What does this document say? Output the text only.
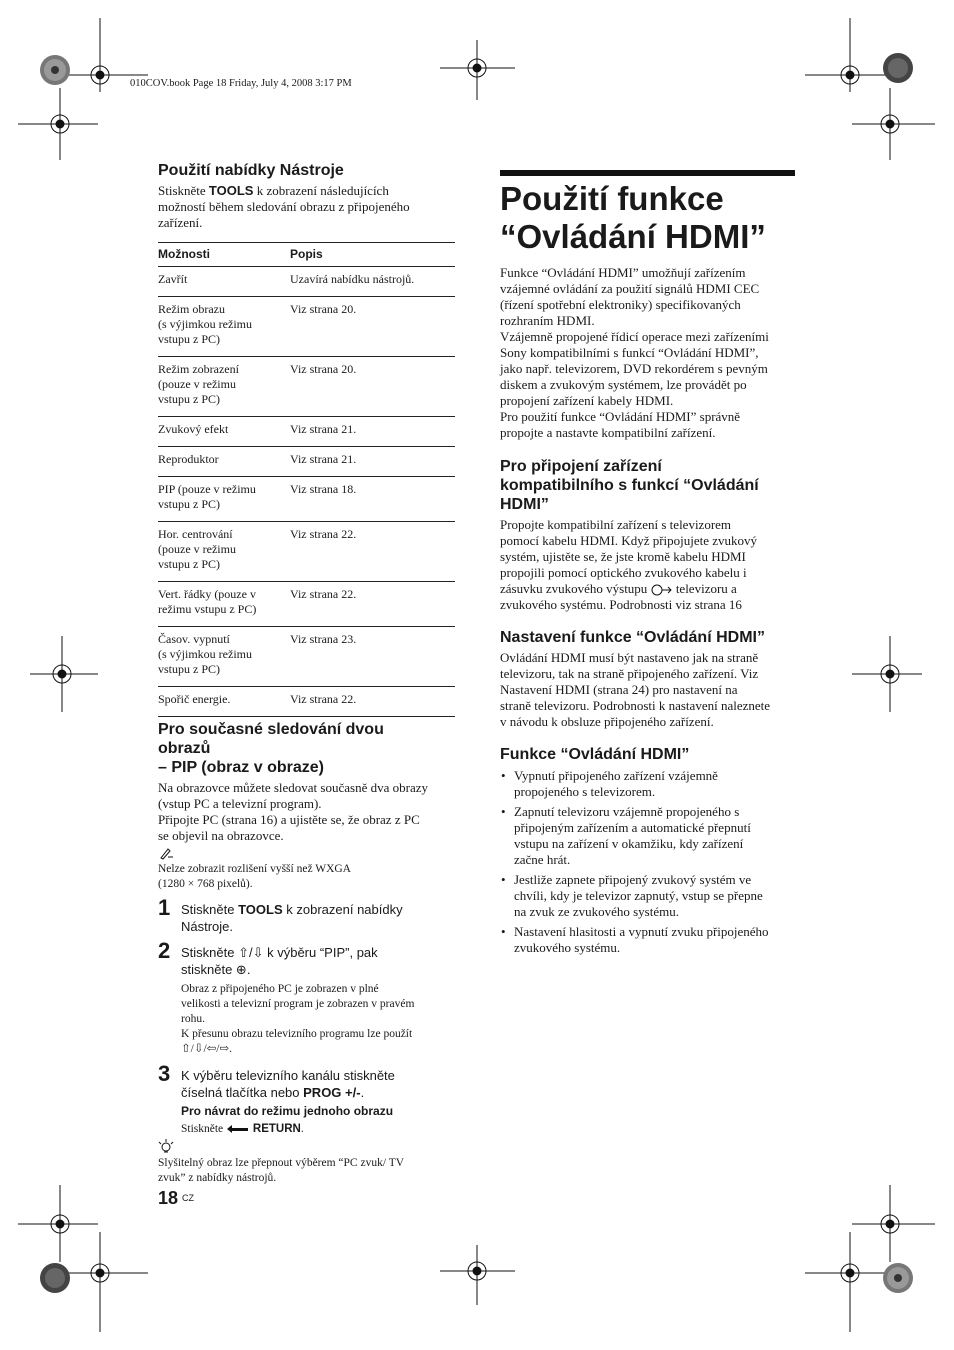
010COV.book Page 18 Friday, July 4, 2008 3:17 PM
Použití nabídky Nástroje
Stiskněte TOOLS k zobrazení následujících
možností během sledování obrazu z připojeného
zařízení.
Možnosti	Popis

Zavřít	Uzavírá nabídku nástrojů.

Režim obrazu
(s výjimkou režimu
vstupu z PC)	Viz strana 20.

Režim zobrazení
(pouze v režimu
vstupu z PC)	Viz strana 20.

Zvukový efekt	Viz strana 21.

Reproduktor	Viz strana 21.

PIP (pouze v režimu
vstupu z PC)	Viz strana 18.

Hor. centrování
(pouze v režimu
vstupu z PC)	Viz strana 22.

Vert. řádky (pouze v
režimu vstupu z PC)	Viz strana 22.

Časov. vypnutí
(s výjimkou režimu
vstupu z PC)	Viz strana 23.

Spořič energie.	Viz strana 22.
Pro současné sledování dvou
obrazů
– PIP (obraz v obraze)
Na obrazovce můžete sledovat současně dva obrazy
(vstup PC a televizní program).
Připojte PC (strana 16) a ujistěte se, že obraz z PC
se objevil na obrazovce.
Nelze zobrazit rozlišení vyšší než WXGA
(1280 × 768 pixelů).
1 Stiskněte TOOLS k zobrazení nabídky
Nástroje.
2 Stiskněte ⇧/⇩ k výběru “PIP”, pak
stiskněte ⊕.
Obraz z připojeného PC je zobrazen v plné
velikosti a televizní program je zobrazen v pravém
rohu.
K přesunu obrazu televizního programu lze použít
⇧/⇩/⇦/⇨.
3 K výběru televizního kanálu stiskněte
číselná tlačítka nebo PROG +/-.
Pro návrat do režimu jednoho obrazu
Stiskněte  RETURN.
Slyšitelný obraz lze přepnout výběrem “PC zvuk/ TV
zvuk” z nabídky nástrojů.
18 CZ
Použití funkce
“Ovládání HDMI”
Funkce “Ovládání HDMI” umožňují zařízením
vzájemné ovládání za použití signálů HDMI CEC
(řízení spotřební elektroniky) specifikovaných
rozhraním HDMI.
Vzájemně propojené řídicí operace mezi zařízeními
Sony kompatibilními s funkcí “Ovládání HDMI”,
jako např. televizorem, DVD rekordérem s pevným
diskem a zvukovým systémem, lze provádět po
propojení zařízení kabely HDMI.
Pro použití funkce “Ovládání HDMI” správně
propojte a nastavte kompatibilní zařízení.
Pro připojení zařízení
kompatibilního s funkcí “Ovládání
HDMI”
Propojte kompatibilní zařízení s televizorem
pomocí kabelu HDMI. Když připojujete zvukový
systém, ujistěte se, že jste kromě kabelu HDMI
propojili pomocí optického zvukového kabelu i
zásuvku zvukového výstupu  televizoru a
zvukového systému. Podrobnosti viz strana 16
Nastavení funkce “Ovládání HDMI”
Ovládání HDMI musí být nastaveno jak na straně
televizoru, tak na straně připojeného zařízení. Viz
Nastavení HDMI (strana 24) pro nastavení na
straně televizoru. Podrobnosti k nastavení naleznete
v návodu k obsluze připojeného zařízení.
Funkce “Ovládání HDMI”
• Vypnutí připojeného zařízení vzájemně
propojeného s televizorem.
• Zapnutí televizoru vzájemně propojeného s
připojeným zařízením a automatické přepnutí
vstupu na zařízení v okamžiku, kdy zařízení
začne hrát.
• Jestliže zapnete připojený zvukový systém ve
chvíli, kdy je televizor zapnutý, vstup se přepne
na zvuk ze zvukového systému.
• Nastavení hlasitosti a vypnutí zvuku připojeného
zvukového systému.
